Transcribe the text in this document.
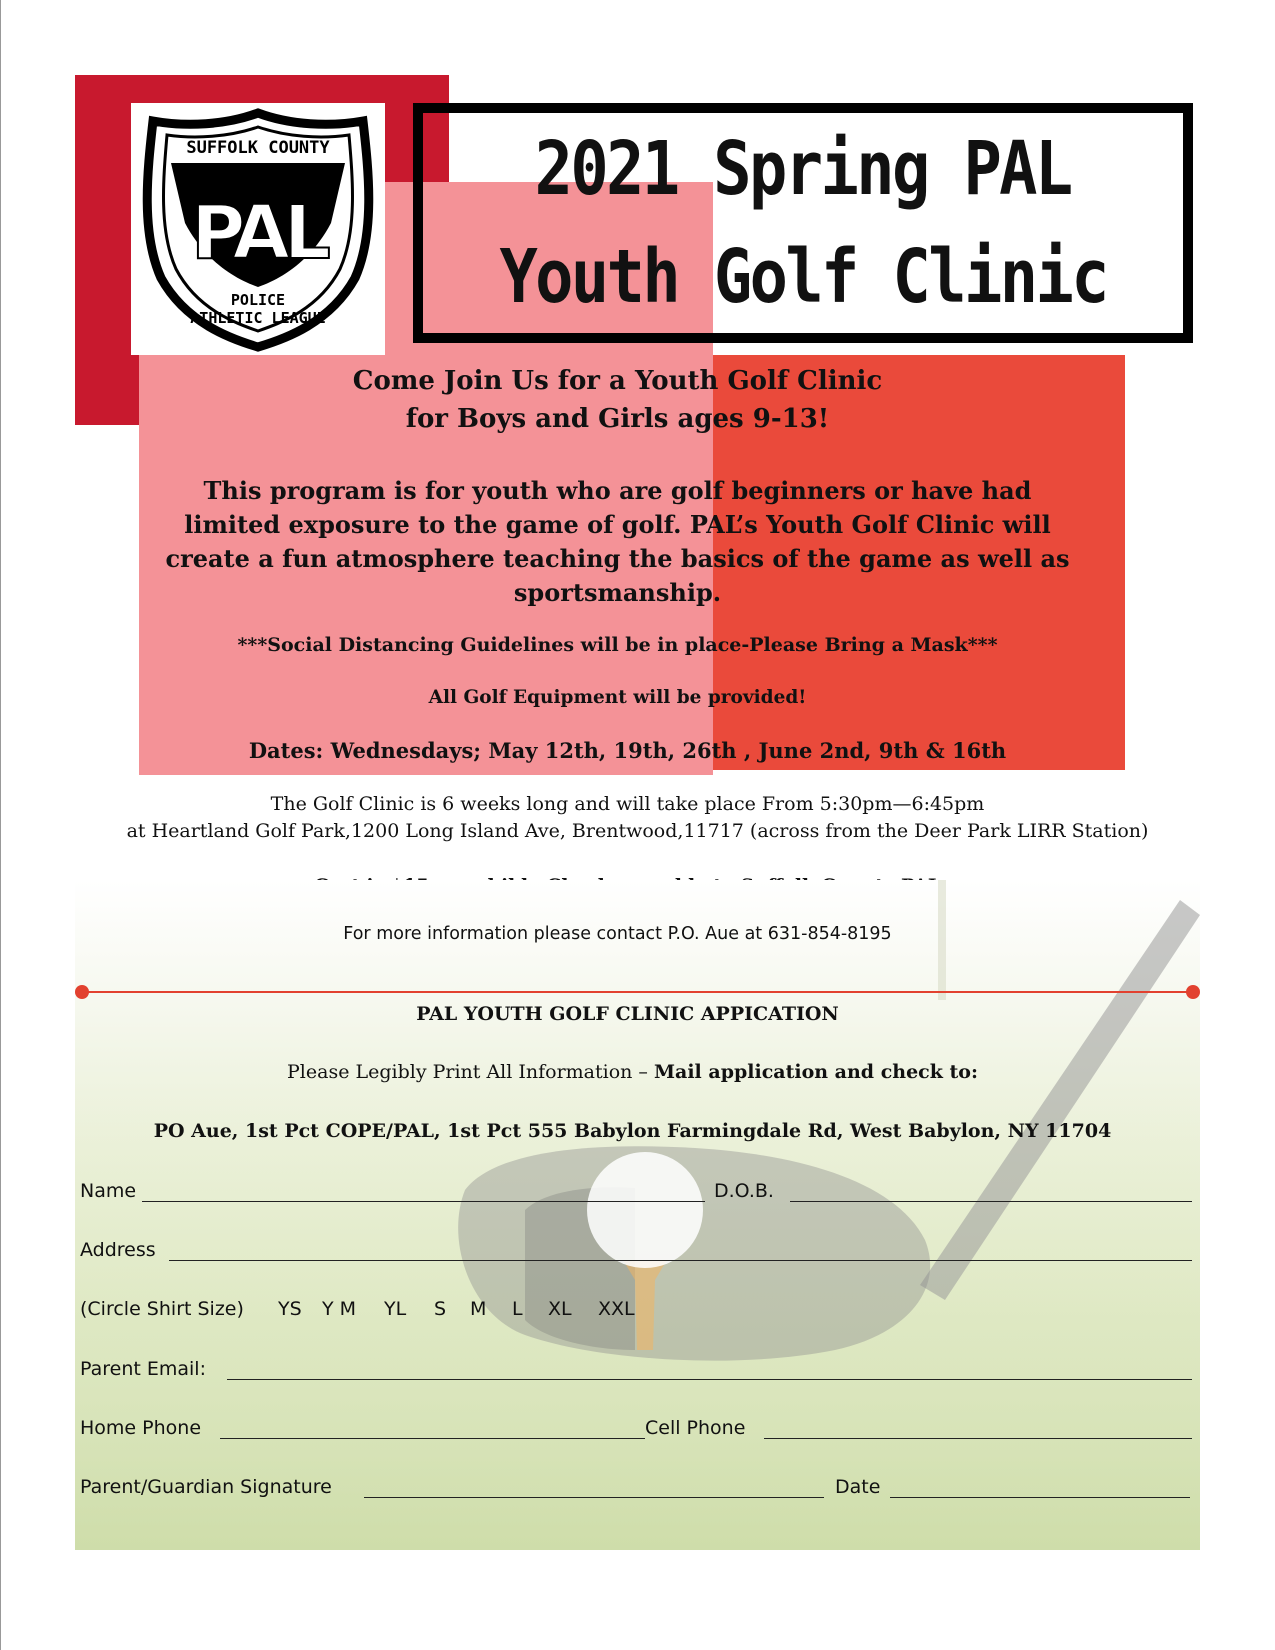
SUFFOLK COUNTY
PAL
POLICE
ATHLETIC LEAGUE
2021 Spring PAL
Youth Golf Clinic
Come Join Us for a Youth Golf Clinic
for Boys and Girls ages 9-13!
This program is for youth who are golf beginners or have had
limited exposure to the game of golf. PAL’s Youth Golf Clinic will
create a fun atmosphere teaching the basics of the game as well as
sportsmanship.
***Social Distancing Guidelines will be in place-Please Bring a Mask***
All Golf Equipment will be provided!
Dates: Wednesdays; May 12th, 19th, 26th , June 2nd, 9th & 16th
The Golf Clinic is 6 weeks long and will take place From 5:30pm—6:45pm
at Heartland Golf Park,1200 Long Island Ave, Brentwood,11717 (across from the Deer Park LIRR Station)
For more information please contact P.O. Aue at 631-854-8195
PAL YOUTH GOLF CLINIC APPICATION
Please Legibly Print All Information – Mail application and check to:
PO Aue, 1st Pct COPE/PAL, 1st Pct 555 Babylon Farmingdale Rd, West Babylon, NY 11704
Name	D.O.B.
Address
(Circle Shirt Size) YS Y M YL S M L XL XXL
Parent Email:
Home Phone	Cell Phone
Parent/Guardian Signature	Date
